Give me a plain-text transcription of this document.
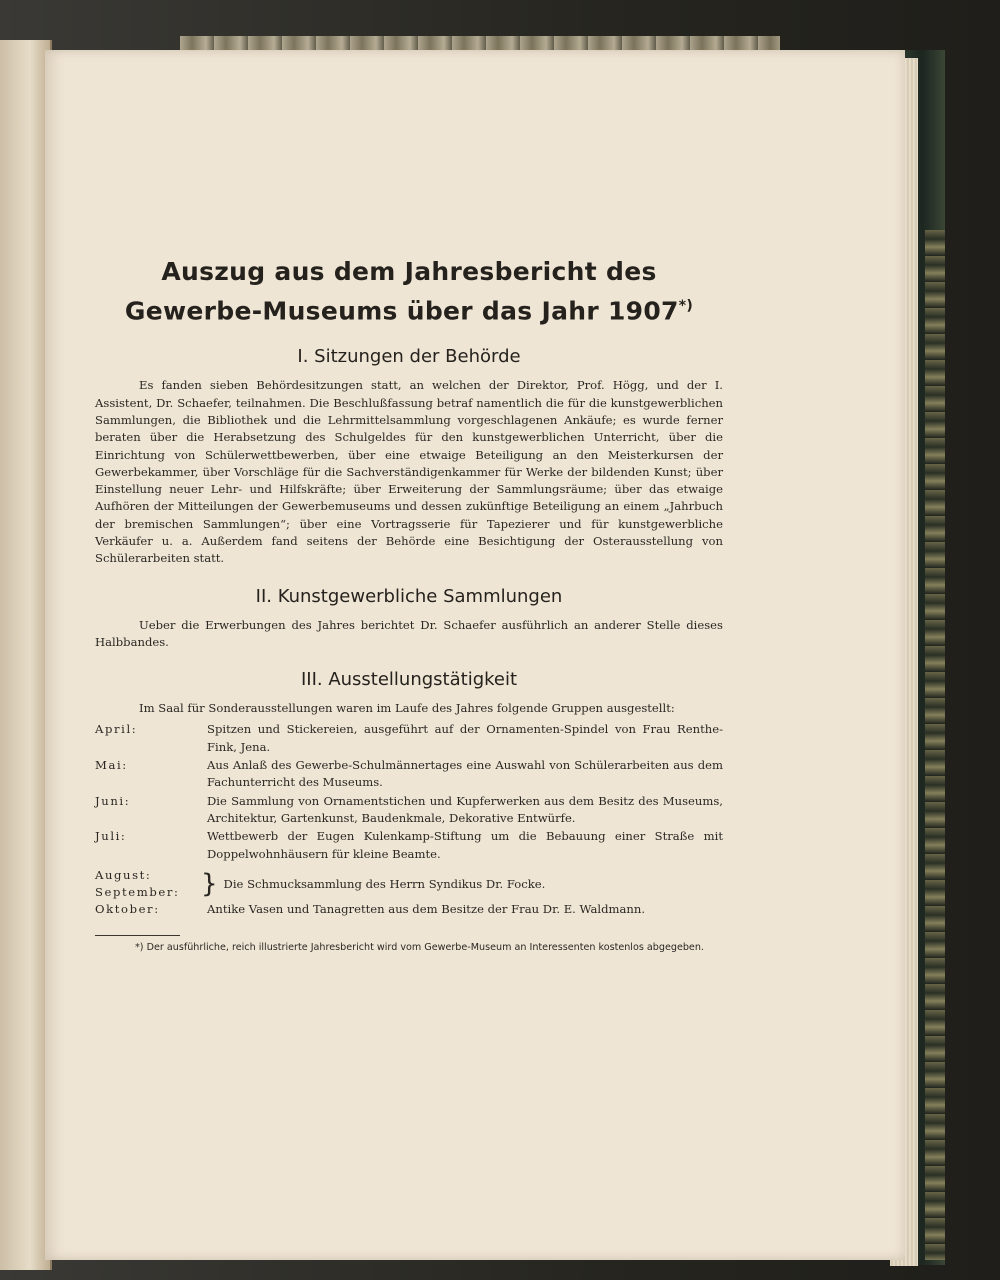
Auszug aus dem Jahresbericht des
Gewerbe-Museums über das Jahr 1907*)
I. Sitzungen der Behörde

Es fanden sieben Behördesitzungen statt, an welchen der Direktor, Prof. Högg, und der I. Assistent, Dr. Schaefer, teilnahmen. Die Beschlußfassung betraf namentlich die für die kunstgewerblichen Sammlungen, die Bibliothek und die Lehrmittelsammlung vorgeschlagenen Ankäufe; es wurde ferner beraten über die Herabsetzung des Schulgeldes für den kunstgewerblichen Unterricht, über die Einrichtung von Schülerwettbewerben, über eine etwaige Beteiligung an den Meisterkursen der Gewerbekammer, über Vorschläge für die Sachverständigenkammer für Werke der bildenden Kunst; über Einstellung neuer Lehr- und Hilfskräfte; über Erweiterung der Sammlungsräume; über das etwaige Aufhören der Mitteilungen der Gewerbemuseums und dessen zukünftige Beteiligung an einem „Jahrbuch der bremischen Sammlungen“; über eine Vortragsserie für Tapezierer und für kunstgewerbliche Verkäufer u. a. Außerdem fand seitens der Behörde eine Besichtigung der Osterausstellung von Schülerarbeiten statt.

II. Kunstgewerbliche Sammlungen

Ueber die Erwerbungen des Jahres berichtet Dr. Schaefer ausführlich an anderer Stelle dieses Halbbandes.

III. Ausstellungstätigkeit

Im Saal für Sonderausstellungen waren im Laufe des Jahres folgende Gruppen ausgestellt:

April:	Spitzen und Stickereien, ausgeführt auf der Ornamenten-Spindel von Frau Renthe-Fink, Jena.
Mai:	Aus Anlaß des Gewerbe-Schulmännertages eine Auswahl von Schülerarbeiten aus dem Fachunterricht des Museums.
Juni:	Die Sammlung von Ornamentstichen und Kupferwerken aus dem Besitz des Museums, Architektur, Gartenkunst, Baudenkmale, Dekorative Entwürfe.
Juli:	Wettbewerb der Eugen Kulenkamp-Stiftung um die Bebauung einer Straße mit Doppelwohnhäusern für kleine Beamte.
August:
September: } Die Schmucksammlung des Herrn Syndikus Dr. Focke.
Oktober:	Antike Vasen und Tanagretten aus dem Besitze der Frau Dr. E. Waldmann.

*) Der ausführliche, reich illustrierte Jahresbericht wird vom Gewerbe-Museum an Interessenten kostenlos abgegeben.
